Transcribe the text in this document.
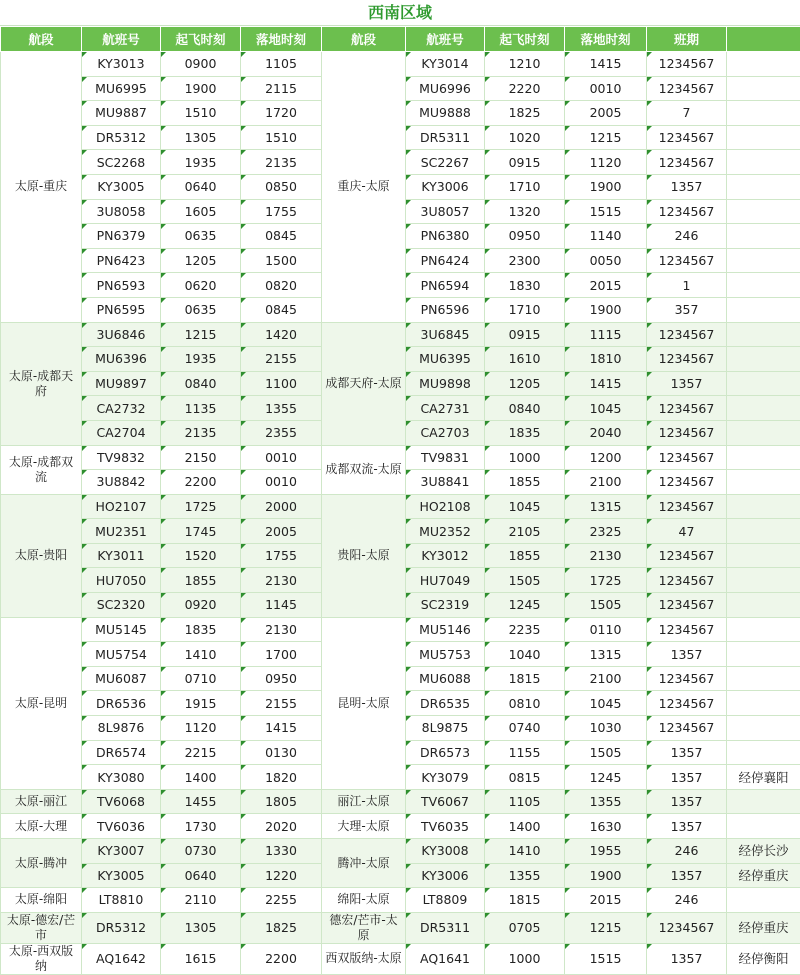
西南区域
航段	航班号	起飞时刻	落地时刻	航段	航班号	起飞时刻	落地时刻	班期	
太原-重庆	KY3013	0900	1105	重庆-太原	KY3014	1210	1415	1234567	
	MU6995	1900	2115		MU6996	2220	0010	1234567	
	MU9887	1510	1720		MU9888	1825	2005	7	
	DR5312	1305	1510		DR5311	1020	1215	1234567	
	SC2268	1935	2135		SC2267	0915	1120	1234567	
	KY3005	0640	0850		KY3006	1710	1900	1357	
	3U8058	1605	1755		3U8057	1320	1515	1234567	
	PN6379	0635	0845		PN6380	0950	1140	246	
	PN6423	1205	1500		PN6424	2300	0050	1234567	
	PN6593	0620	0820		PN6594	1830	2015	1	
	PN6595	0635	0845		PN6596	1710	1900	357	
太原-成都天府	3U6846	1215	1420	成都天府-太原	3U6845	0915	1115	1234567	
	MU6396	1935	2155		MU6395	1610	1810	1234567	
	MU9897	0840	1100		MU9898	1205	1415	1357	
	CA2732	1135	1355		CA2731	0840	1045	1234567	
	CA2704	2135	2355		CA2703	1835	2040	1234567	
太原-成都双流	TV9832	2150	0010	成都双流-太原	TV9831	1000	1200	1234567	
	3U8842	2200	0010		3U8841	1855	2100	1234567	
太原-贵阳	HO2107	1725	2000	贵阳-太原	HO2108	1045	1315	1234567	
	MU2351	1745	2005		MU2352	2105	2325	47	
	KY3011	1520	1755		KY3012	1855	2130	1234567	
	HU7050	1855	2130		HU7049	1505	1725	1234567	
	SC2320	0920	1145		SC2319	1245	1505	1234567	
太原-昆明	MU5145	1835	2130	昆明-太原	MU5146	2235	0110	1234567	
	MU5754	1410	1700		MU5753	1040	1315	1357	
	MU6087	0710	0950		MU6088	1815	2100	1234567	
	DR6536	1915	2155		DR6535	0810	1045	1234567	
	8L9876	1120	1415		8L9875	0740	1030	1234567	
	DR6574	2215	0130		DR6573	1155	1505	1357	
	KY3080	1400	1820		KY3079	0815	1245	1357	经停襄阳
太原-丽江	TV6068	1455	1805	丽江-太原	TV6067	1105	1355	1357	
太原-大理	TV6036	1730	2020	大理-太原	TV6035	1400	1630	1357	
太原-腾冲	KY3007	0730	1330	腾冲-太原	KY3008	1410	1955	246	经停长沙
	KY3005	0640	1220		KY3006	1355	1900	1357	经停重庆
太原-绵阳	LT8810	2110	2255	绵阳-太原	LT8809	1815	2015	246	
太原-德宏/芒市	DR5312	1305	1825	德宏/芒市-太原	DR5311	0705	1215	1234567	经停重庆
太原-西双版纳	AQ1642	1615	2200	西双版纳-太原	AQ1641	1000	1515	1357	经停衡阳
